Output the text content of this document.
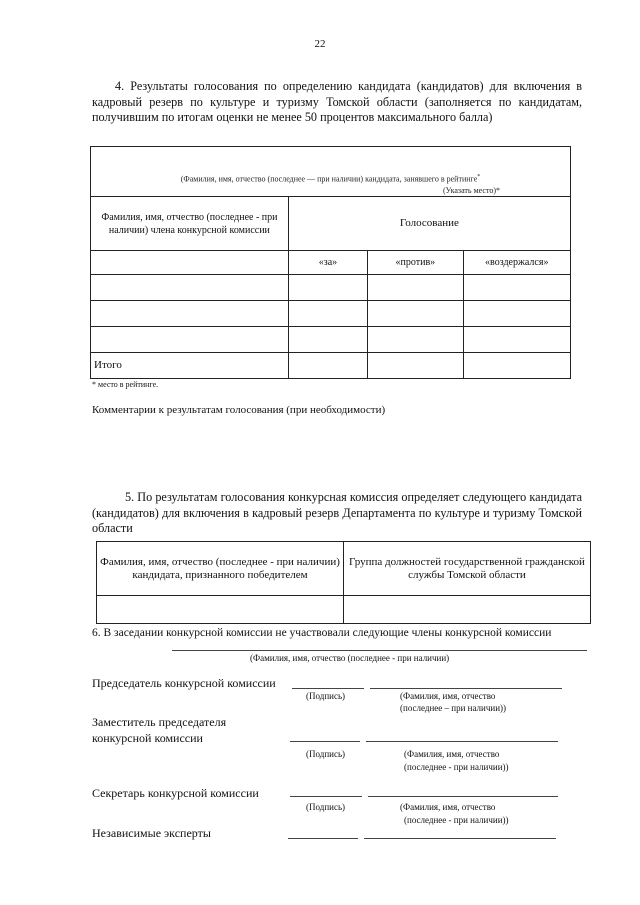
22
4. Результаты голосования по определению кандидата (кандидатов) для включения в кадровый резерв по культуре и туризму Томской области (заполняется по кандидатам, получившим по итогам оценки не менее 50 процентов максимального балла)
(Фамилия, имя, отчество (последнее — при наличии) кандидата, занявшего в рейтинге*
(Указать место)*			

Фамилия, имя, отчество (последнее - при наличии) члена конкурсной комиссии	Голосование		
	«за»	«против»	«воздержался»

Итого			
* место в рейтинге.
Комментарии к результатам голосования (при необходимости)
5. По результатам голосования конкурсная комиссия определяет следующего кандидата (кандидатов) для включения в кадровый резерв Департамента по культуре и туризму Томской области
Фамилия, имя, отчество (последнее - при наличии) кандидата, признанного победителем	Группа должностей государственной гражданской службы Томской области

6. В заседании конкурсной комиссии не участвовали следующие члены конкурсной комиссии
(Фамилия, имя, отчество (последнее - при наличии)
Председатель конкурсной комиссии
(Подпись)	(Фамилия, имя, отчество
(последнее – при наличии))
Заместитель председателя
конкурсной комиссии
(Подпись)	(Фамилия, имя, отчество
(последнее - при наличии))
Секретарь конкурсной комиссии
(Подпись)	(Фамилия, имя, отчество
(последнее - при наличии))
Независимые эксперты
